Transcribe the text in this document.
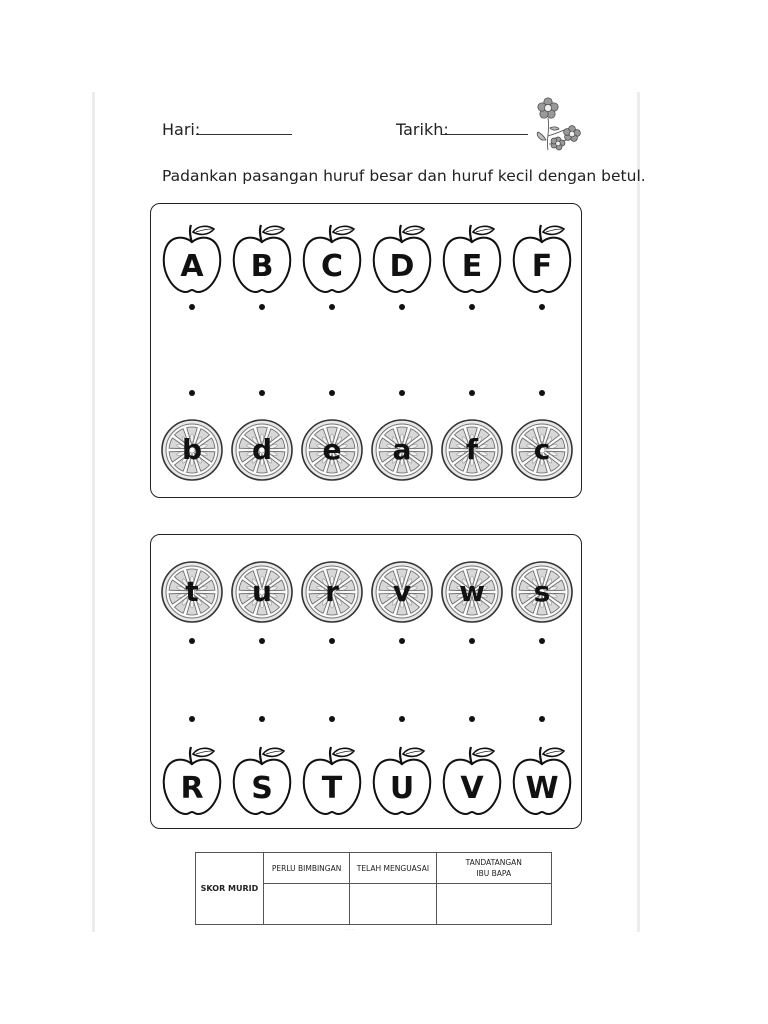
Hari:	Tarikh:
Padankan pasangan huruf besar dan huruf kecil dengan betul.
A	B	C	D	E	F
b	d	e	a	f	c
t	u	r	v	w	s
R	S	T	U	V	W
SKOR MURID	PERLU BIMBINGAN	TELAH MENGUASAI	TANDATANGAN IBU BAPA

···
